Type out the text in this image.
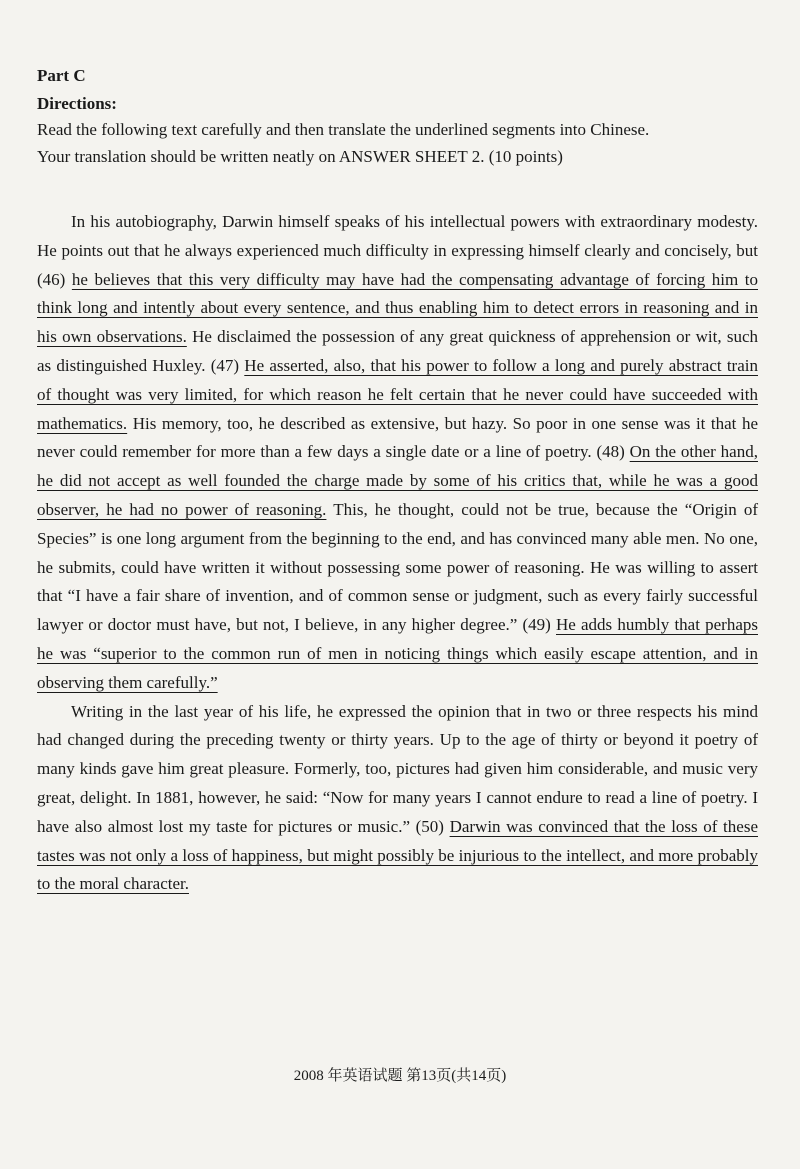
Part C
Directions:

Read the following text carefully and then translate the underlined segments into Chinese.

Your translation should be written neatly on ANSWER SHEET 2. (10 points)

In his autobiography, Darwin himself speaks of his intellectual powers with extraordinary modesty. He points out that he always experienced much difficulty in expressing himself clearly and concisely, but (46) he believes that this very difficulty may have had the compensating advantage of forcing him to think long and intently about every sentence, and thus enabling him to detect errors in reasoning and in his own observations. He disclaimed the possession of any great quickness of apprehension or wit, such as distinguished Huxley. (47) He asserted, also, that his power to follow a long and purely abstract train of thought was very limited, for which reason he felt certain that he never could have succeeded with mathematics. His memory, too, he described as extensive, but hazy. So poor in one sense was it that he never could remember for more than a few days a single date or a line of poetry. (48) On the other hand, he did not accept as well founded the charge made by some of his critics that, while he was a good observer, he had no power of reasoning. This, he thought, could not be true, because the “Origin of Species” is one long argument from the beginning to the end, and has convinced many able men. No one, he submits, could have written it without possessing some power of reasoning. He was willing to assert that “I have a fair share of invention, and of common sense or judgment, such as every fairly successful lawyer or doctor must have, but not, I believe, in any higher degree.” (49) He adds humbly that perhaps he was “superior to the common run of men in noticing things which easily escape attention, and in observing them carefully.”

Writing in the last year of his life, he expressed the opinion that in two or three respects his mind had changed during the preceding twenty or thirty years. Up to the age of thirty or beyond it poetry of many kinds gave him great pleasure. Formerly, too, pictures had given him considerable, and music very great, delight. In 1881, however, he said: “Now for many years I cannot endure to read a line of poetry. I have also almost lost my taste for pictures or music.” (50) Darwin was convinced that the loss of these tastes was not only a loss of happiness, but might possibly be injurious to the intellect, and more probably to the moral character.

2008 年英语试题 第13页(共14页)
